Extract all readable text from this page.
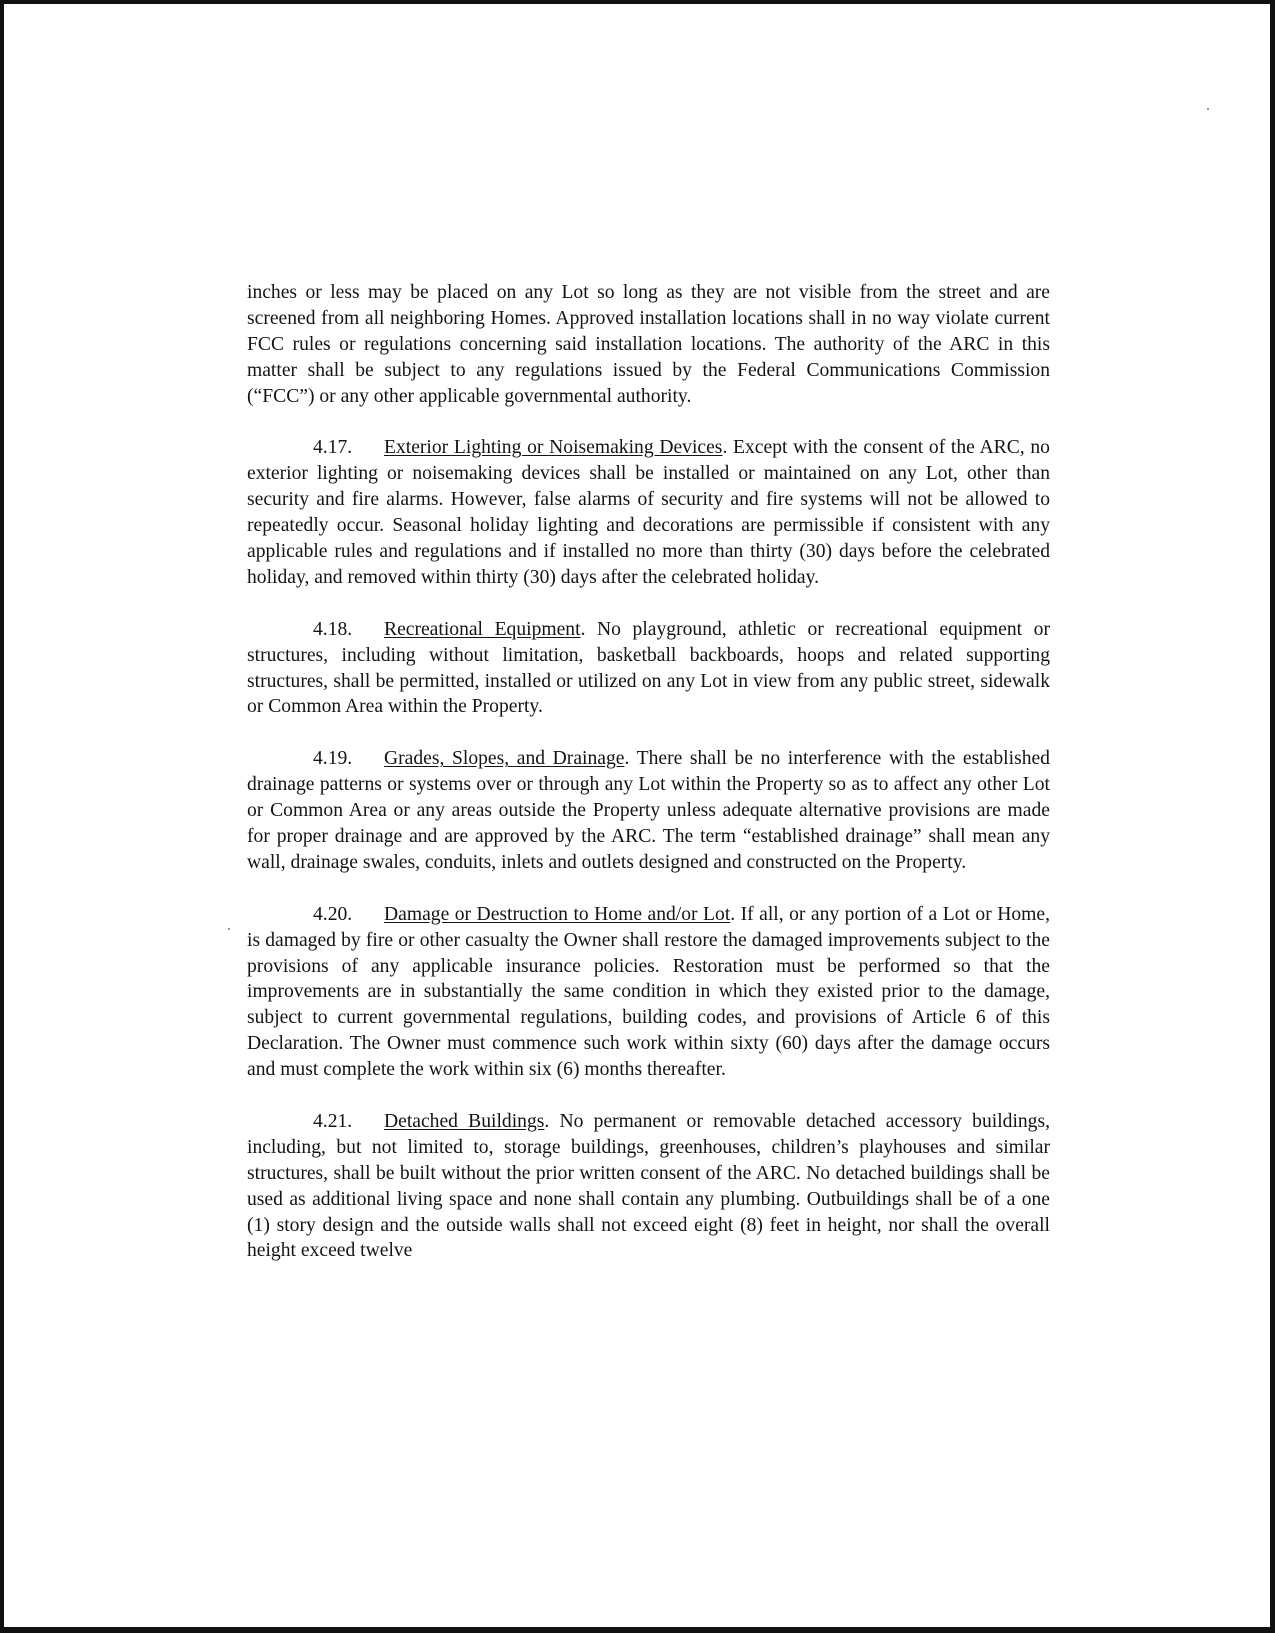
inches or less may be placed on any Lot so long as they are not visible from the street and are screened from all neighboring Homes. Approved installation locations shall in no way violate current FCC rules or regulations concerning said installation locations. The authority of the ARC in this matter shall be subject to any regulations issued by the Federal Communications Commission (“FCC”) or any other applicable governmental authority.

4.17. Exterior Lighting or Noisemaking Devices. Except with the consent of the ARC, no exterior lighting or noisemaking devices shall be installed or maintained on any Lot, other than security and fire alarms. However, false alarms of security and fire systems will not be allowed to repeatedly occur. Seasonal holiday lighting and decorations are permissible if consistent with any applicable rules and regulations and if installed no more than thirty (30) days before the celebrated holiday, and removed within thirty (30) days after the celebrated holiday.

4.18. Recreational Equipment. No playground, athletic or recreational equipment or structures, including without limitation, basketball backboards, hoops and related supporting structures, shall be permitted, installed or utilized on any Lot in view from any public street, sidewalk or Common Area within the Property.

4.19. Grades, Slopes, and Drainage. There shall be no interference with the established drainage patterns or systems over or through any Lot within the Property so as to affect any other Lot or Common Area or any areas outside the Property unless adequate alternative provisions are made for proper drainage and are approved by the ARC. The term “established drainage” shall mean any wall, drainage swales, conduits, inlets and outlets designed and constructed on the Property.

4.20. Damage or Destruction to Home and/or Lot. If all, or any portion of a Lot or Home, is damaged by fire or other casualty the Owner shall restore the damaged improvements subject to the provisions of any applicable insurance policies. Restoration must be performed so that the improvements are in substantially the same condition in which they existed prior to the damage, subject to current governmental regulations, building codes, and provisions of Article 6 of this Declaration. The Owner must commence such work within sixty (60) days after the damage occurs and must complete the work within six (6) months thereafter.

4.21. Detached Buildings. No permanent or removable detached accessory buildings, including, but not limited to, storage buildings, greenhouses, children’s playhouses and similar structures, shall be built without the prior written consent of the ARC. No detached buildings shall be used as additional living space and none shall contain any plumbing. Outbuildings shall be of a one (1) story design and the outside walls shall not exceed eight (8) feet in height, nor shall the overall height exceed twelve
